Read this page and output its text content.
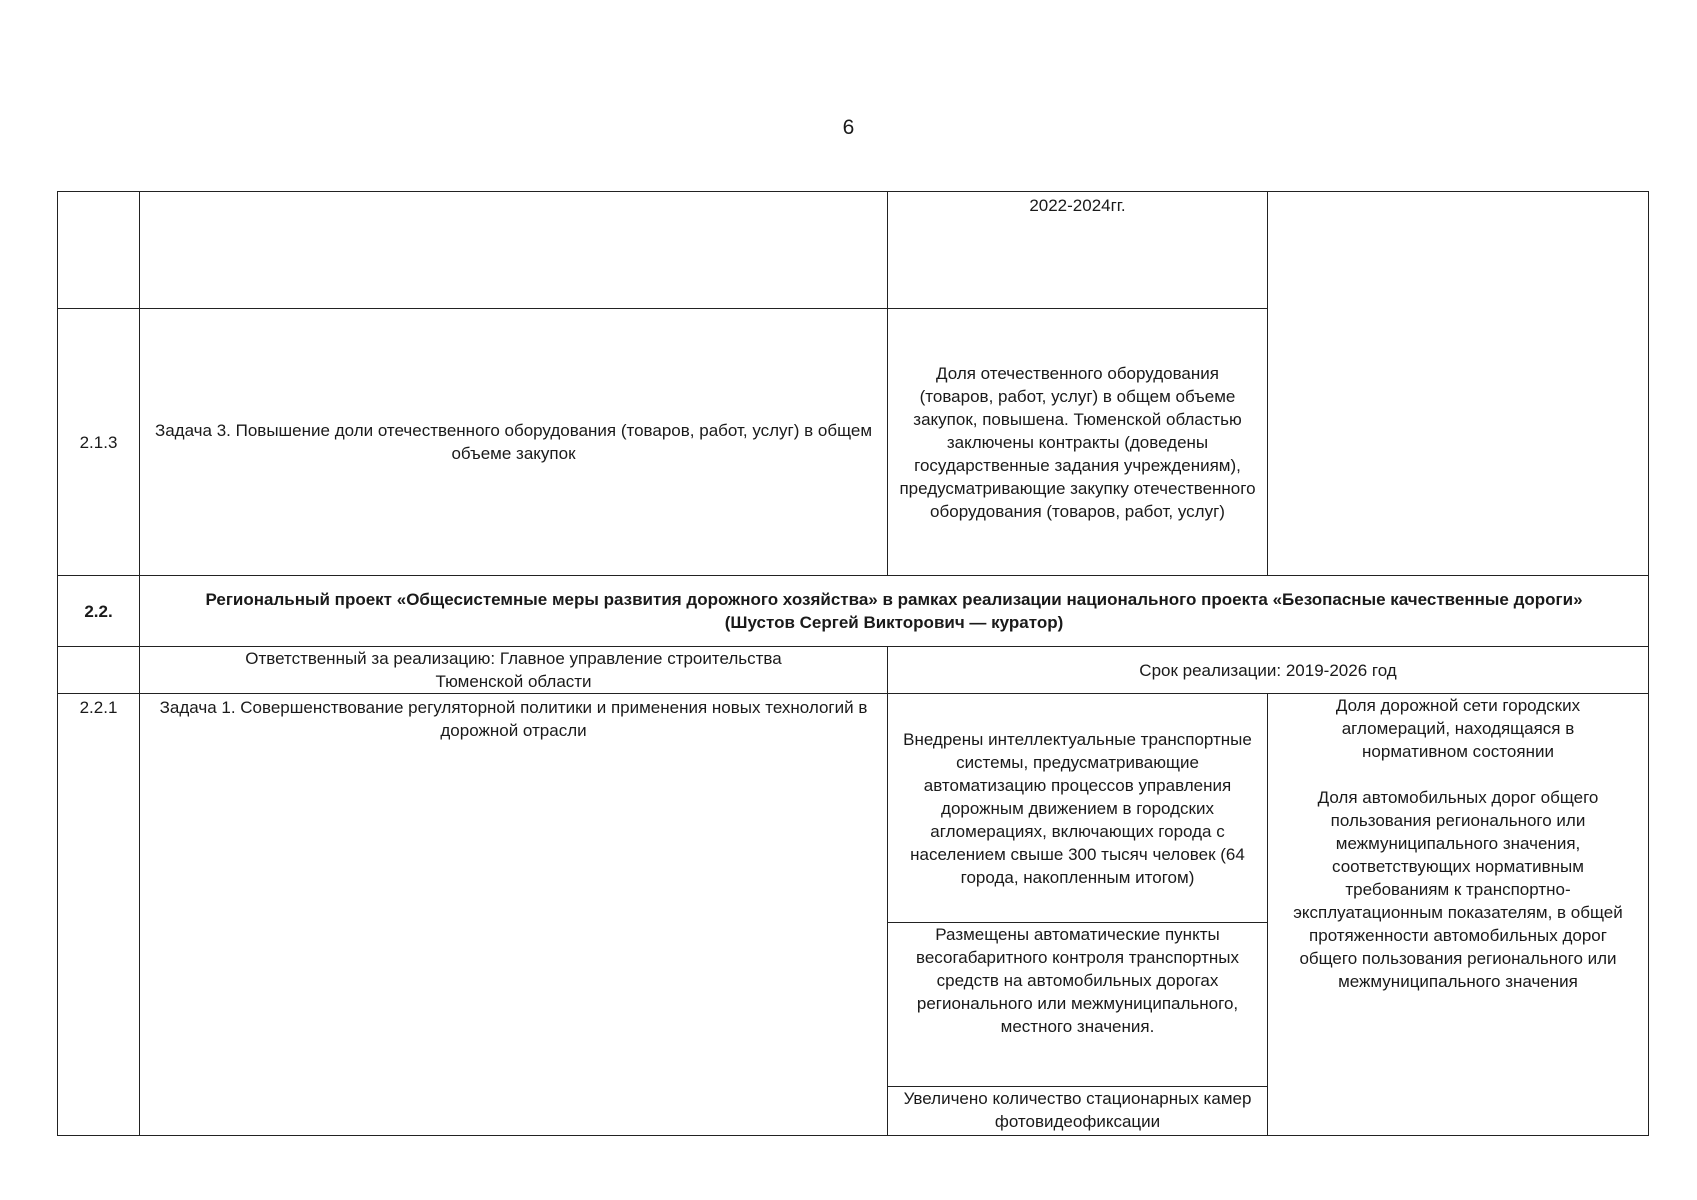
6
2022-2024гг.
2.1.3
Задача 3. Повышение доли отечественного оборудования (товаров, работ, услуг) в общем объеме закупок
Доля отечественного оборудования (товаров, работ, услуг) в общем объеме закупок, повышена. Тюменской областью заключены контракты (доведены государственные задания учреждениям), предусматривающие закупку отечественного оборудования (товаров, работ, услуг)
2.2.
Региональный проект «Общесистемные меры развития дорожного хозяйства» в рамках реализации национального проекта «Безопасные качественные дороги»
(Шустов Сергей Викторович — куратор)
Ответственный за реализацию: Главное управление строительства Тюменской области
Срок реализации: 2019-2026 год
2.2.1	Задача 1. Совершенствование регуляторной политики и применения новых технологий в дорожной отрасли	Внедрены интеллектуальные транспортные системы, предусматривающие автоматизацию процессов управления дорожным движением в городских агломерациях, включающих города с населением свыше 300 тысяч человек (64 города, накопленным итогом)
Размещены автоматические пункты весогабаритного контроля транспортных средств на автомобильных дорогах регионального или межмуниципального, местного значения.
Увеличено количество стационарных камер фотовидеофиксации
Доля дорожной сети городских агломераций, находящаяся в нормативном состоянии
Доля автомобильных дорог общего пользования регионального или межмуниципального значения, соответствующих нормативным требованиям к транспортно-эксплуатационным показателям, в общей протяженности автомобильных дорог общего пользования регионального или межмуниципального значения
